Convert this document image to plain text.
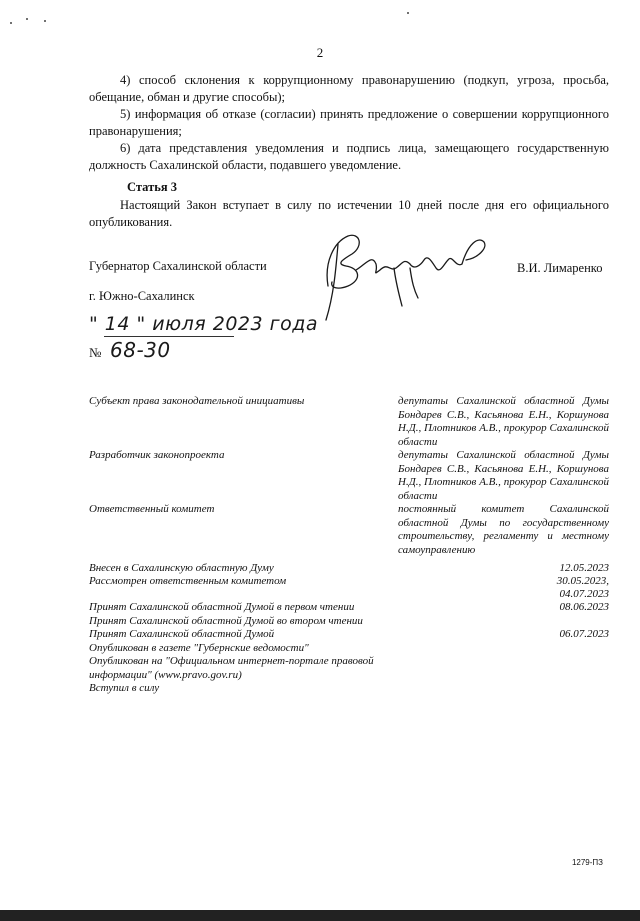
2

4) способ склонения к коррупционному правонарушению (подкуп, угроза, просьба, обещание, обман и другие способы);

5) информация об отказе (согласии) принять предложение о совершении коррупционного правонарушения;

6) дата представления уведомления и подпись лица, замещающего государственную должность Сахалинской области, подавшего уведомление.

Статья 3

Настоящий Закон вступает в силу по истечении 10 дней после дня его официального опубликования.

Губернатор Сахалинской области	В.И. Лимаренко
г. Южно-Сахалинск
" 14 " июля 2023 года
№ 68-30
Субъект права законодательной инициативы	депутаты Сахалинской областной Думы Бондарев С.В., Касьянова Е.Н., Коршунова Н.Д., Плотников А.В., прокурор Сахалинской области
Разработчик законопроекта	депутаты Сахалинской областной Думы Бондарев С.В., Касьянова Е.Н., Коршунова Н.Д., Плотников А.В., прокурор Сахалинской области
Ответственный комитет	постоянный комитет Сахалинской областной Думы по государственному строительству, регламенту и местному самоуправлению
Внесен в Сахалинскую областную Думу	12.05.2023
Рассмотрен ответственным комитетом	30.05.2023,
04.07.2023
Принят Сахалинской областной Думой в первом чтении	08.06.2023
Принят Сахалинской областной Думой во втором чтении
Принят Сахалинской областной Думой	06.07.2023
Опубликован в газете "Губернские ведомости"
Опубликован на "Официальном интернет-портале правовой информации" (www.pravo.gov.ru)
Вступил в силу
1279-ПЗ
